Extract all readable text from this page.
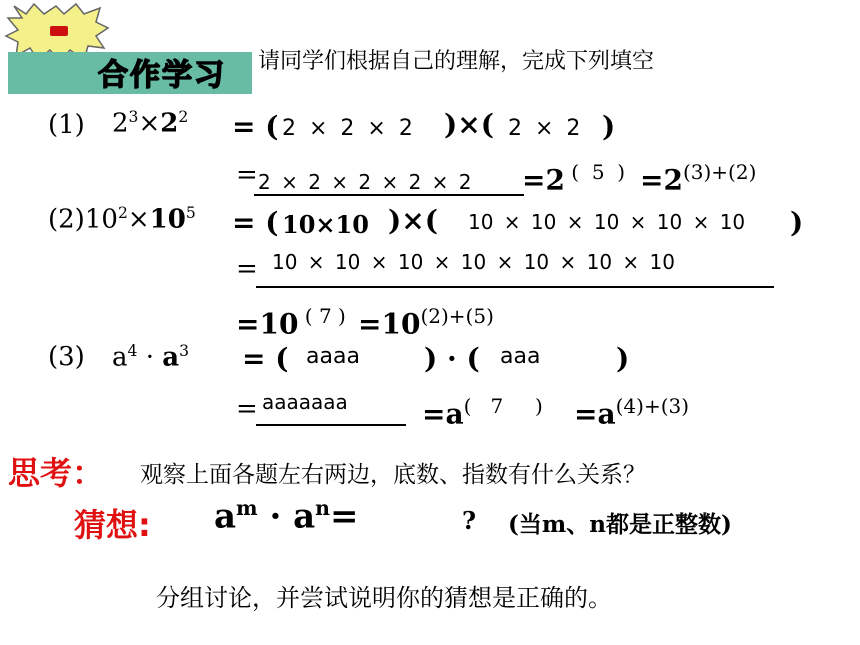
合作学习 请同学们根据自己的理解，完成下列填空
(1) $2^3\times 2^2$ = ( 2 × 2 × 2 )×( 2 × 2 )
= 2 × 2 × 2 × 2 × 2 =2 $^{( 5 )} =2^{(3)+(2)}$
$(2)10^2\times 10^5$ = ( 10×10 )×( 10 × 10 × 10 × 10 × 10 )
= 10 × 10 × 10 × 10 × 10 × 10 × 10
=10 $^{( 7 )} =10^{(2)+(5)}$
(3) $a^4 \cdot a^3$ = ( aaaa ) · ( aaa	)
= aaaaaaa	$=a^{( 7 )} =a^{(4)+(3)}$
思考： 观察上面各题左右两边，底数、指数有什么关系？
猜想: $a^m \cdot a^n=$	? (当m、n都是正整数)
分组讨论，并尝试说明你的猜想是正确的。
